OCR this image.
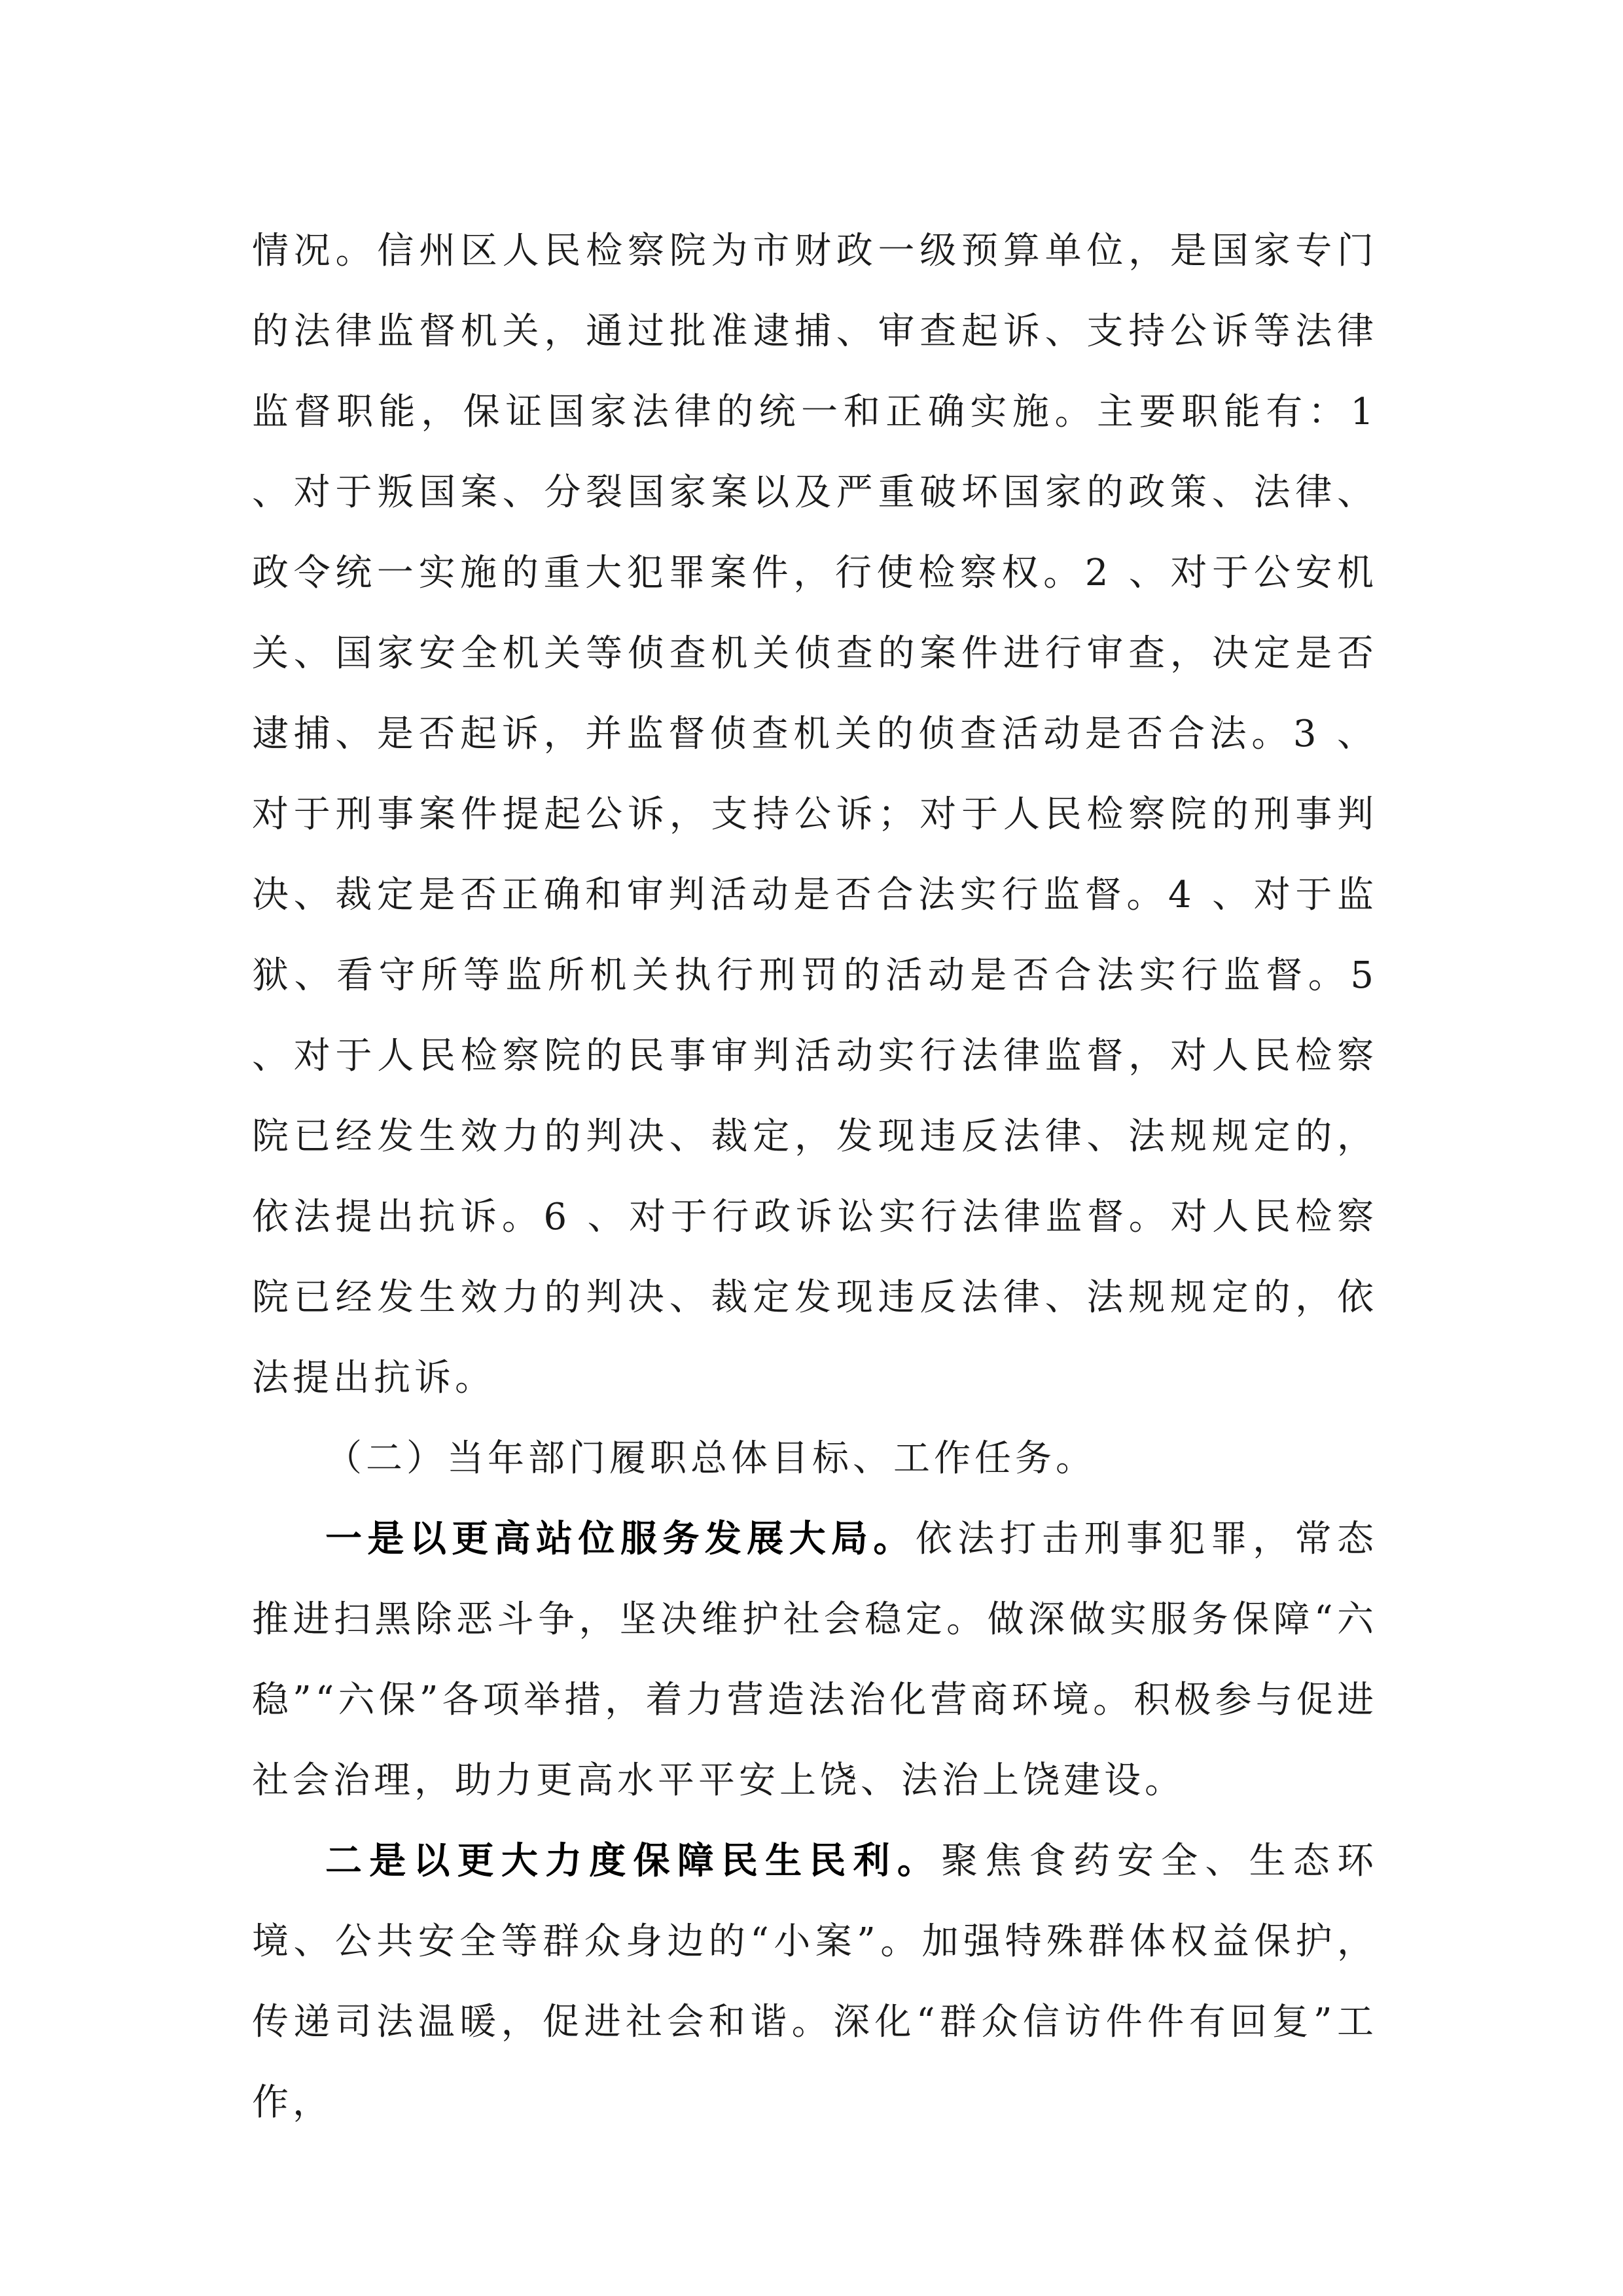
情况。信州区人民检察院为市财政一级预算单位，是国家专门的法律监督机关，通过批准逮捕、审查起诉、支持公诉等法律监督职能，保证国家法律的统一和正确实施。主要职能有：1 、对于叛国案、分裂国家案以及严重破坏国家的政策、法律、政令统一实施的重大犯罪案件，行使检察权。2 、对于公安机关、国家安全机关等侦查机关侦查的案件进行审查，决定是否逮捕、是否起诉，并监督侦查机关的侦查活动是否合法。3 、对于刑事案件提起公诉，支持公诉；对于人民检察院的刑事判决、裁定是否正确和审判活动是否合法实行监督。4 、对于监狱、看守所等监所机关执行刑罚的活动是否合法实行监督。5 、对于人民检察院的民事审判活动实行法律监督，对人民检察院已经发生效力的判决、裁定，发现违反法律、法规规定的，依法提出抗诉。6 、对于行政诉讼实行法律监督。对人民检察院已经发生效力的判决、裁定发现违反法律、法规规定的，依法提出抗诉。

（二）当年部门履职总体目标、工作任务。

一是以更高站位服务发展大局。依法打击刑事犯罪，常态推进扫黑除恶斗争，坚决维护社会稳定。做深做实服务保障“六稳”“六保”各项举措，着力营造法治化营商环境。积极参与促进社会治理，助力更高水平平安上饶、法治上饶建设。

二是以更大力度保障民生民利。聚焦食药安全、生态环境、公共安全等群众身边的“小案”。加强特殊群体权益保护，传递司法温暖，促进社会和谐。深化“群众信访件件有回复”工作，
